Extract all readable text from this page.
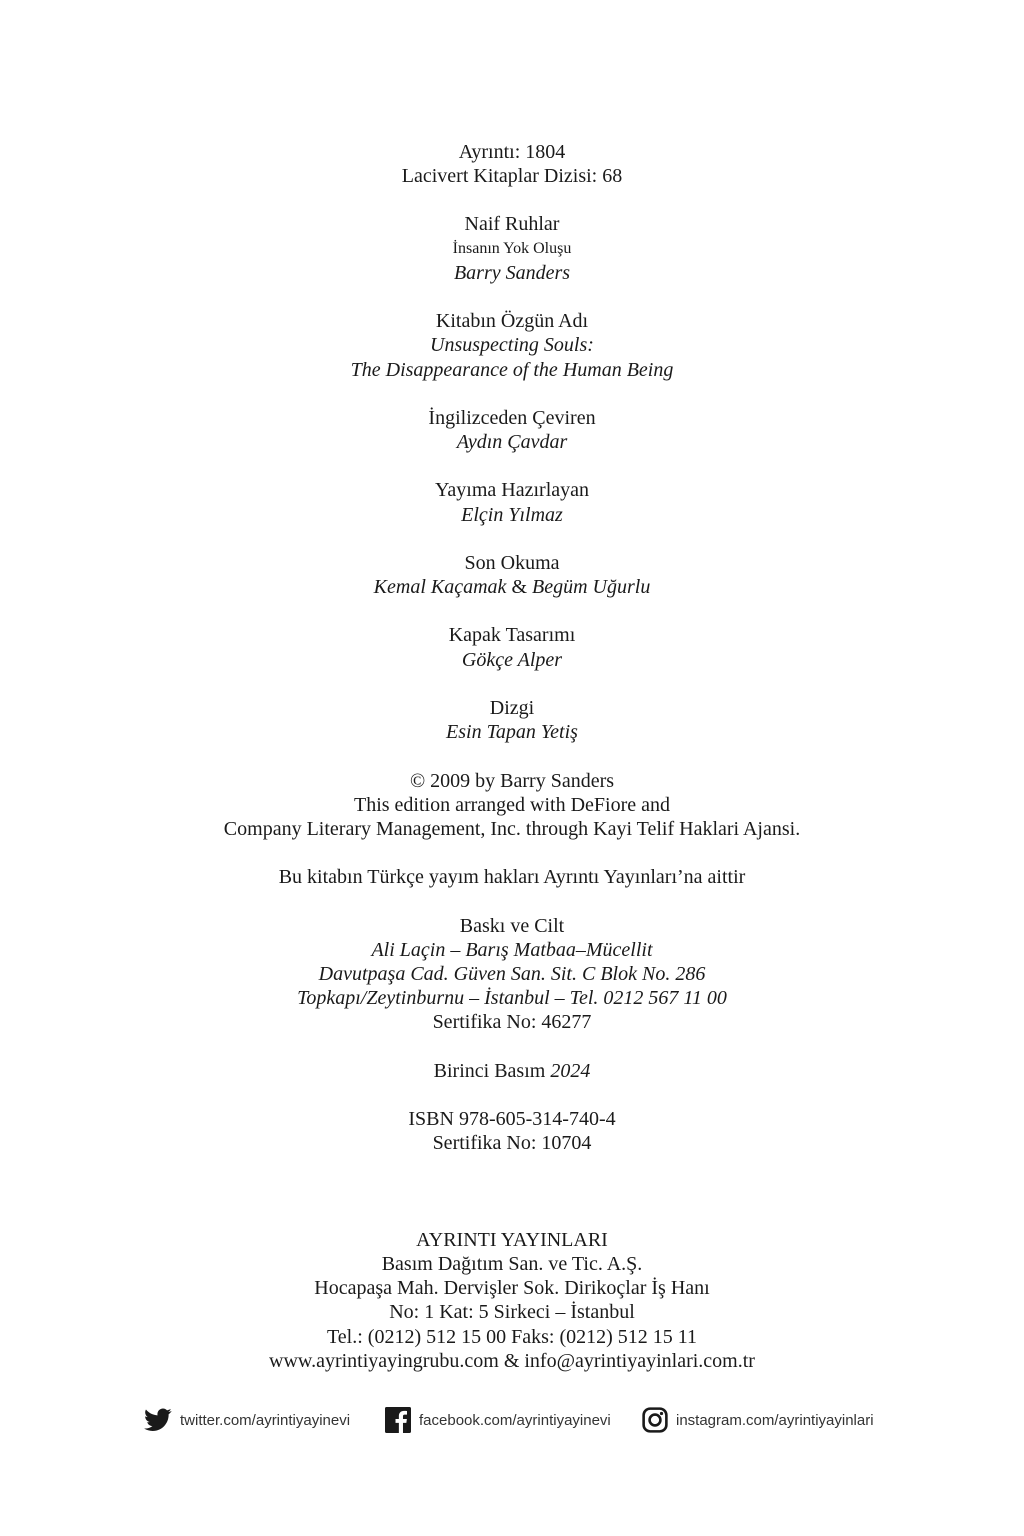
Ayrıntı: 1804
Lacivert Kitaplar Dizisi: 68
Naif Ruhlar
İnsanın Yok Oluşu
Barry Sanders
Kitabın Özgün Adı
Unsuspecting Souls:
The Disappearance of the Human Being
İngilizceden Çeviren
Aydın Çavdar
Yayıma Hazırlayan
Elçin Yılmaz
Son Okuma
Kemal Kaçamak & Begüm Uğurlu
Kapak Tasarımı
Gökçe Alper
Dizgi
Esin Tapan Yetiş
© 2009 by Barry Sanders
This edition arranged with DeFiore and
Company Literary Management, Inc. through Kayi Telif Haklari Ajansi.
Bu kitabın Türkçe yayım hakları Ayrıntı Yayınları’na aittir
Baskı ve Cilt
Ali Laçin – Barış Matbaa–Mücellit
Davutpaşa Cad. Güven San. Sit. C Blok No. 286
Topkapı/Zeytinburnu – İstanbul – Tel. 0212 567 11 00
Sertifika No: 46277
Birinci Basım 2024
ISBN 978-605-314-740-4
Sertifika No: 10704
AYRINTI YAYINLARI
Basım Dağıtım San. ve Tic. A.Ş.
Hocapaşa Mah. Dervişler Sok. Dirikoçlar İş Hanı
No: 1 Kat: 5 Sirkeci – İstanbul
Tel.: (0212) 512 15 00 Faks: (0212) 512 15 11
www.ayrintiyayingrubu.com & info@ayrintiyayinlari.com.tr
twitter.com/ayrintiyayinevi	facebook.com/ayrintiyayinevi	instagram.com/ayrintiyayinlari
